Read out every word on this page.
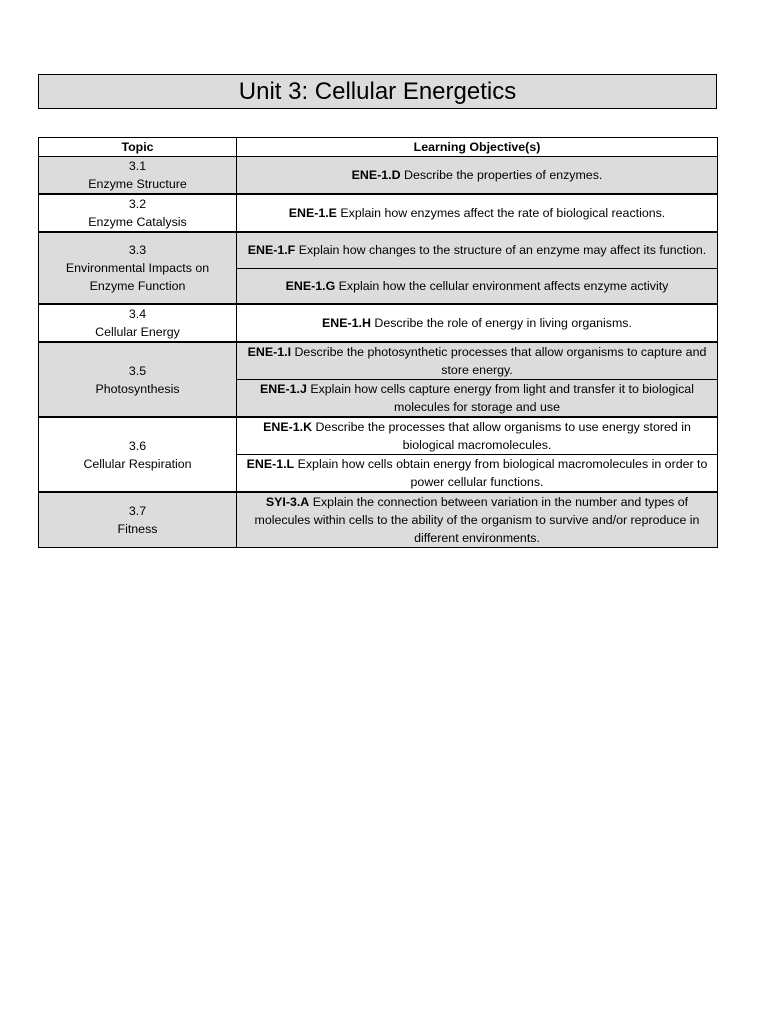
Unit 3: Cellular Energetics
Topic	Learning Objective(s)

3.1
Enzyme Structure	ENE-1.D Describe the properties of enzymes.

3.2
Enzyme Catalysis	ENE-1.E Explain how enzymes affect the rate of biological reactions.

3.3
Environmental Impacts on Enzyme Function	ENE-1.F Explain how changes to the structure of an enzyme may affect its function.
	ENE-1.G Explain how the cellular environment affects enzyme activity

3.4
Cellular Energy	ENE-1.H Describe the role of energy in living organisms.

3.5
Photosynthesis	ENE-1.I Describe the photosynthetic processes that allow organisms to capture and store energy.
	ENE-1.J Explain how cells capture energy from light and transfer it to biological molecules for storage and use

3.6
Cellular Respiration	ENE-1.K Describe the processes that allow organisms to use energy stored in biological macromolecules.
	ENE-1.L Explain how cells obtain energy from biological macromolecules in order to power cellular functions.

3.7
Fitness	SYI-3.A Explain the connection between variation in the number and types of molecules within cells to the ability of the organism to survive and/or reproduce in different environments.
